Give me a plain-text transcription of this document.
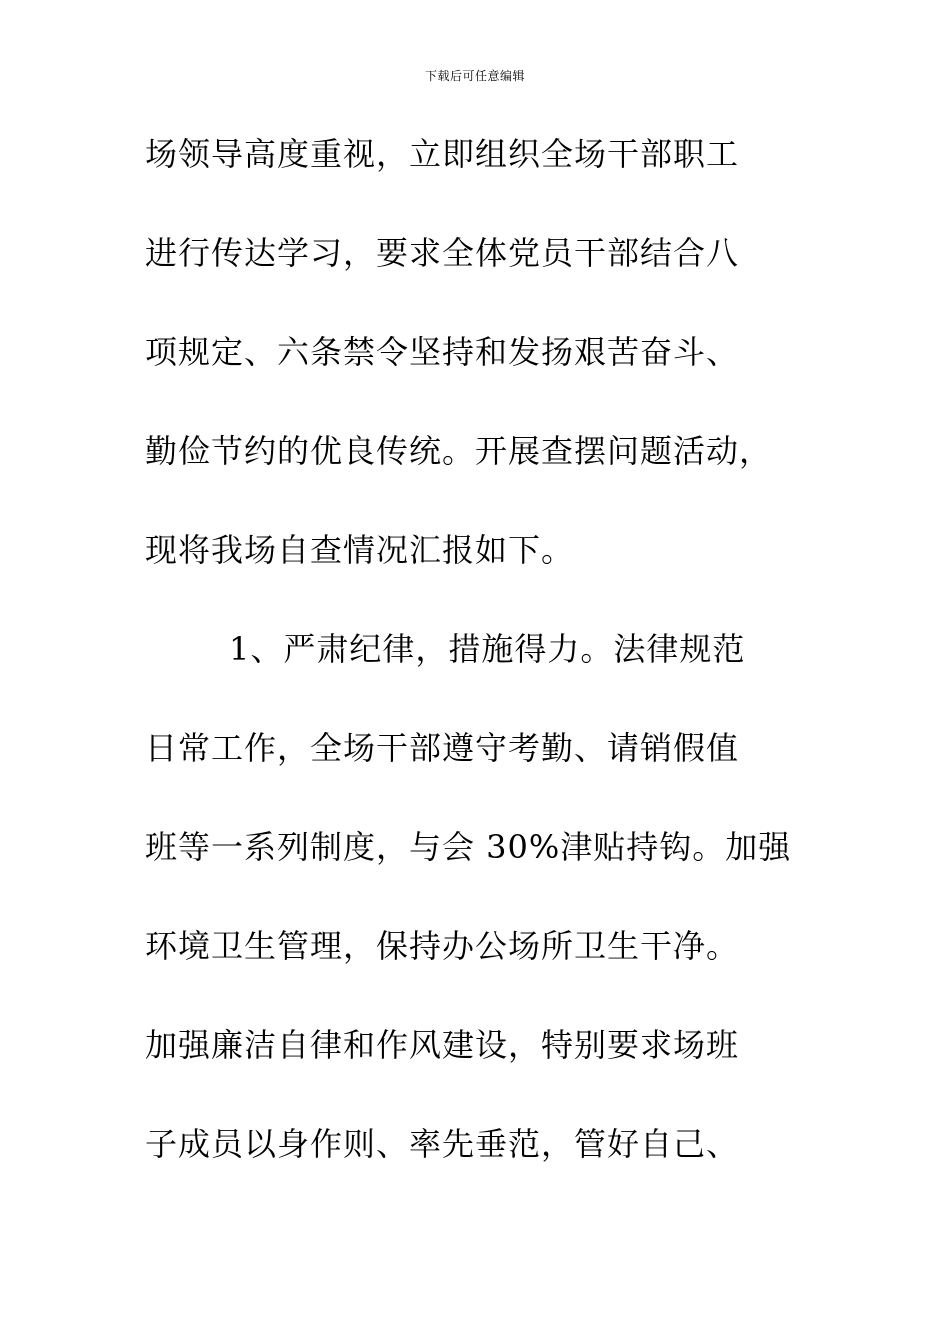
下载后可任意编辑
场领导高度重视，立即组织全场干部职工
进行传达学习，要求全体党员干部结合八
项规定、六条禁令坚持和发扬艰苦奋斗、
勤俭节约的优良传统。开展查摆问题活动，
现将我场自查情况汇报如下。
1、严肃纪律，措施得力。法律规范
日常工作，全场干部遵守考勤、请销假值
班等一系列制度，与会 30%津贴持钩。加强
环境卫生管理，保持办公场所卫生干净。
加强廉洁自律和作风建设，特别要求场班
子成员以身作则、率先垂范，管好自己、
